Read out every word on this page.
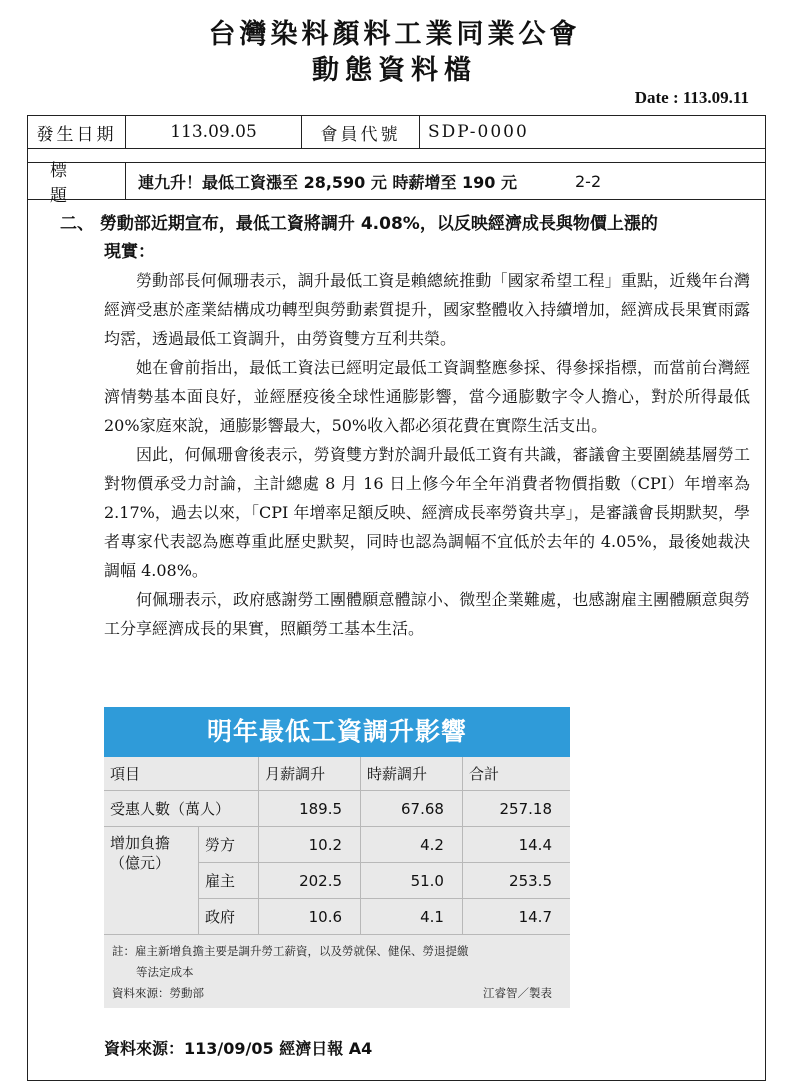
台灣染料顏料工業同業公會
動態資料檔
Date : 113.09.11
發生日期	113.09.05	會員代號	SDP-0000
標題
連九升！最低工資漲至 28,590 元 時薪增至 190 元	2-2
二、 勞動部近期宣布，最低工資將調升 4.08%，以反映經濟成長與物價上漲的
現實：

勞動部長何佩珊表示，調升最低工資是賴總統推動「國家希望工程」重點，近幾年台灣經濟受惠於產業結構成功轉型與勞動素質提升，國家整體收入持續增加，經濟成長果實雨露均霑，透過最低工資調升，由勞資雙方互利共榮。

她在會前指出，最低工資法已經明定最低工資調整應參採、得參採指標，而當前台灣經濟情勢基本面良好，並經歷疫後全球性通膨影響，當今通膨數字令人擔心，對於所得最低 20%家庭來說，通膨影響最大，50%收入都必須花費在實際生活支出。

因此，何佩珊會後表示，勞資雙方對於調升最低工資有共識，審議會主要圍繞基層勞工對物價承受力討論，主計總處 8 月 16 日上修今年全年消費者物價指數（CPI）年增率為 2.17%，過去以來，「CPI 年增率足額反映、經濟成長率勞資共享」，是審議會長期默契，學者專家代表認為應尊重此歷史默契，同時也認為調幅不宜低於去年的 4.05%，最後她裁決調幅 4.08%。

何佩珊表示，政府感謝勞工團體願意體諒小、微型企業難處，也感謝雇主團體願意與勞工分享經濟成長的果實，照顧勞工基本生活。

明年最低工資調升影響
項目		月薪調升	時薪調升	合計
受惠人數（萬人）		189.5	67.68	257.18
增加負擔
（億元）	勞方	10.2	4.2	14.4
	雇主	202.5	51.0	253.5
	政府	10.6	4.1	14.7
註：雇主新增負擔主要是調升勞工薪資，以及勞就保、健保、勞退提繳
等法定成本
資料來源：勞動部	江睿智／製表
資料來源：113/09/05 經濟日報 A4
